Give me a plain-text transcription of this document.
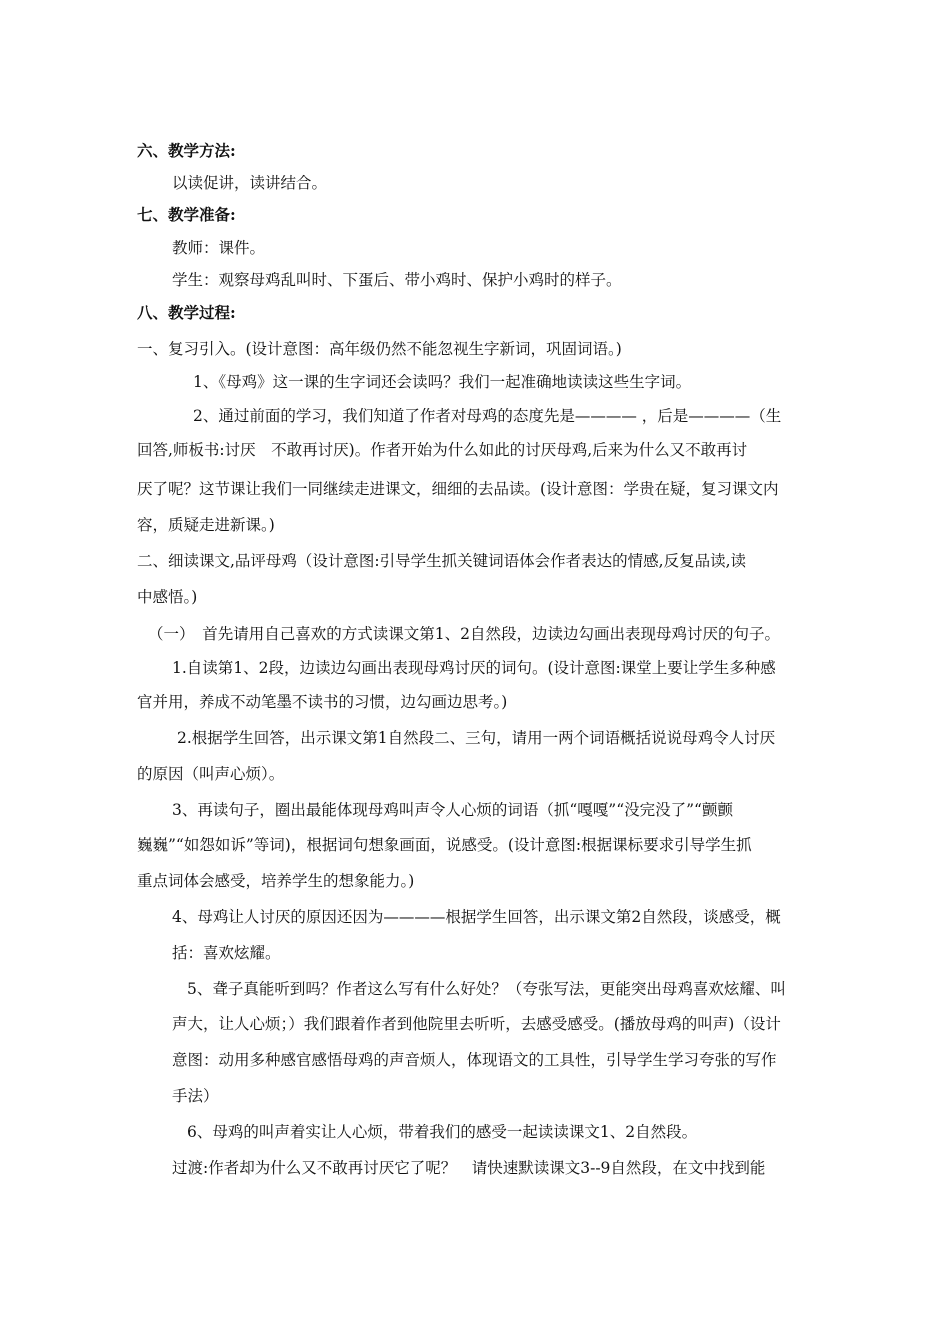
六、教学方法:
以读促讲，读讲结合。
七、教学准备:
教师：课件。
学生：观察母鸡乱叫时、下蛋后、带小鸡时、保护小鸡时的样子。
八、教学过程:
一、复习引入。(设计意图：高年级仍然不能忽视生字新词，巩固词语。)
1、《母鸡》这一课的生字词还会读吗？我们一起准确地读读这些生字词。
2、通过前面的学习，我们知道了作者对母鸡的态度先是———— ，后是————（生
回答,师板书:讨厌　不敢再讨厌)。作者开始为什么如此的讨厌母鸡,后来为什么又不敢再讨
厌了呢？这节课让我们一同继续走进课文，细细的去品读。(设计意图：学贵在疑，复习课文内
容，质疑走进新课。)
二、细读课文,品评母鸡（设计意图:引导学生抓关键词语体会作者表达的情感,反复品读,读
中感悟。)
（一）　首先请用自己喜欢的方式读课文第1、2自然段，边读边勾画出表现母鸡讨厌的句子。
1.自读第1、2段，边读边勾画出表现母鸡讨厌的词句。(设计意图:课堂上要让学生多种感
官并用，养成不动笔墨不读书的习惯，边勾画边思考。)
2.根据学生回答，出示课文第1自然段二、三句，请用一两个词语概括说说母鸡令人讨厌
的原因（叫声心烦）。
3、再读句子，圈出最能体现母鸡叫声令人心烦的词语（抓“嘎嘎”“没完没了”“颤颤
巍巍”“如怨如诉”等词)，根据词句想象画面，说感受。(设计意图:根据课标要求引导学生抓
重点词体会感受，培养学生的想象能力。)
4、母鸡让人讨厌的原因还因为————根据学生回答，出示课文第2自然段，谈感受，概
括：喜欢炫耀。
5、聋子真能听到吗？作者这么写有什么好处？（夸张写法，更能突出母鸡喜欢炫耀、叫
声大，让人心烦；）我们跟着作者到他院里去听听，去感受感受。(播放母鸡的叫声)（设计
意图：动用多种感官感悟母鸡的声音烦人，体现语文的工具性，引导学生学习夸张的写作
手法）
6、母鸡的叫声着实让人心烦，带着我们的感受一起读读课文1、2自然段。
过渡:作者却为什么又不敢再讨厌它了呢？　请快速默读课文3--9自然段，在文中找到能
